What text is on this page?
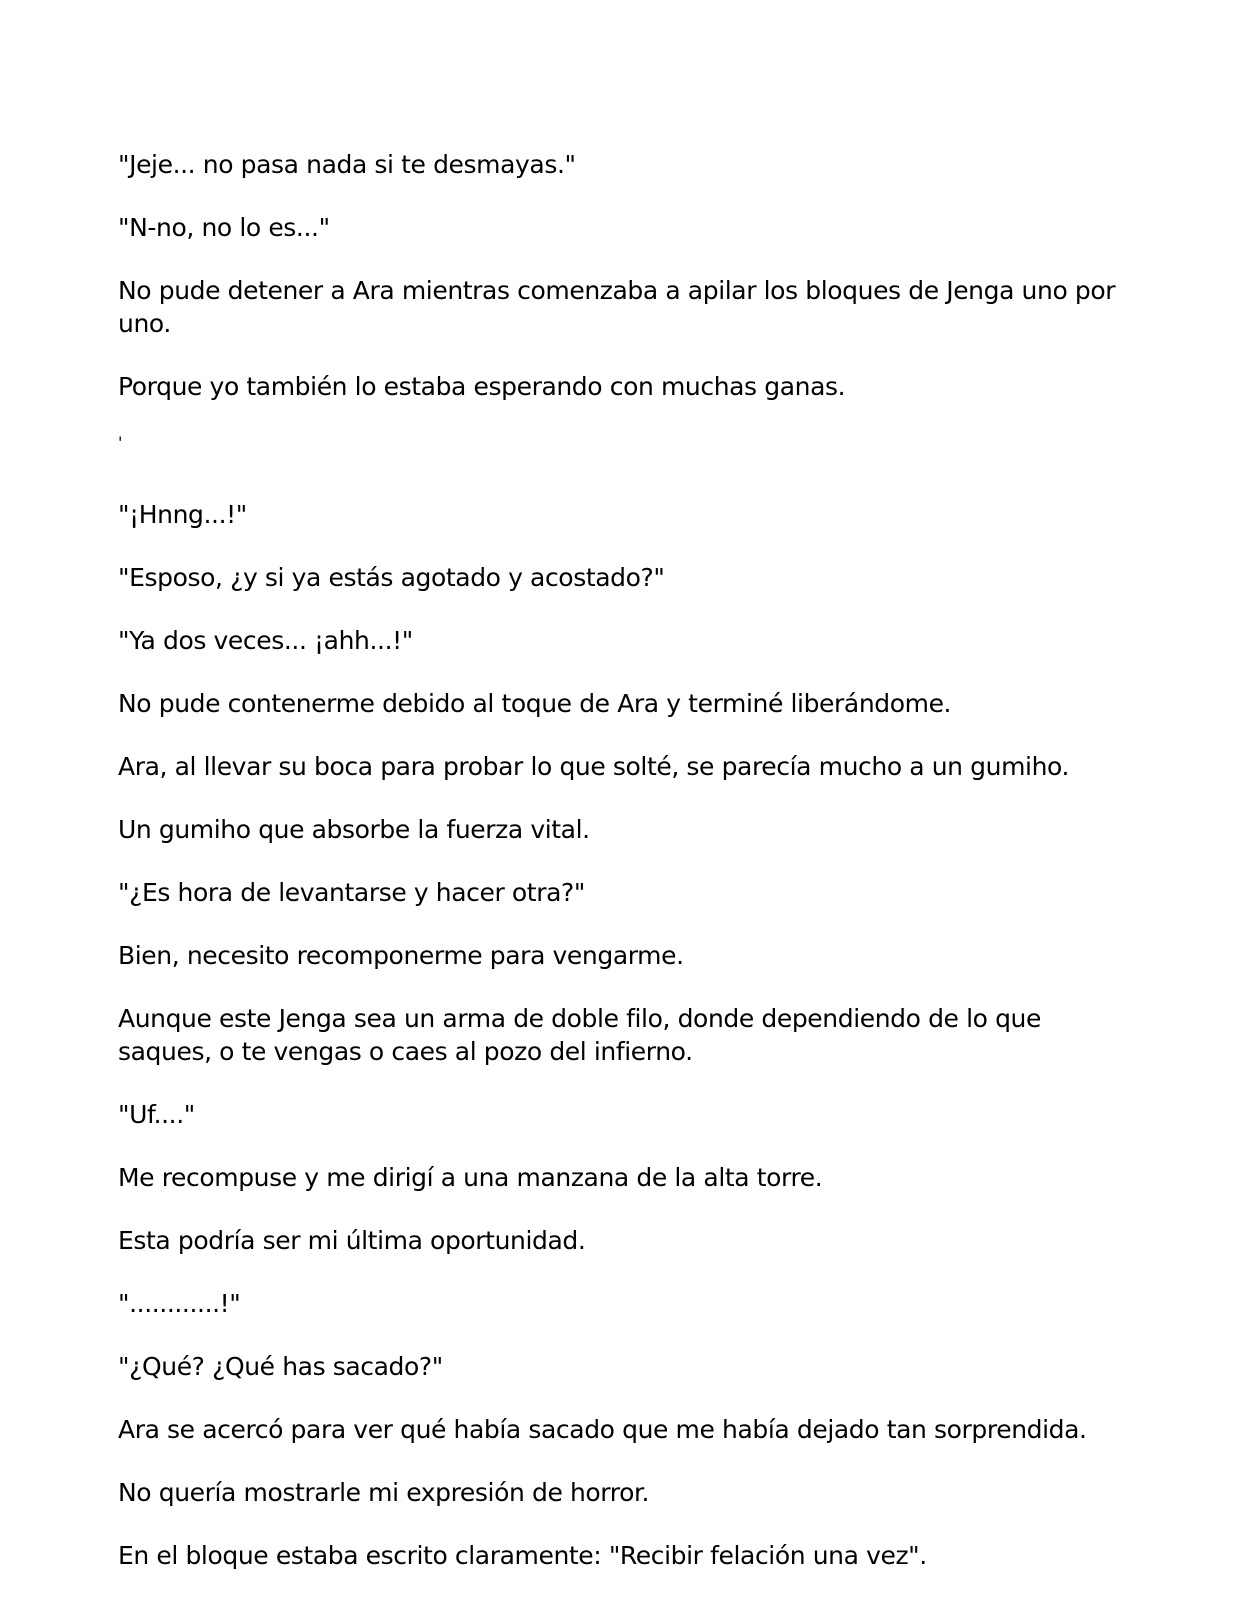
"Jeje... no pasa nada si te desmayas."

"N-no, no lo es..."

No pude detener a Ara mientras comenzaba a apilar los bloques de Jenga uno por uno.

Porque yo también lo estaba esperando con muchas ganas.

'

"¡Hnng...!"

"Esposo, ¿y si ya estás agotado y acostado?"

"Ya dos veces... ¡ahh...!"

No pude contenerme debido al toque de Ara y terminé liberándome.

Ara, al llevar su boca para probar lo que solté, se parecía mucho a un gumiho.

Un gumiho que absorbe la fuerza vital.

"¿Es hora de levantarse y hacer otra?"

Bien, necesito recomponerme para vengarme.

Aunque este Jenga sea un arma de doble filo, donde dependiendo de lo que saques, o te vengas o caes al pozo del infierno.

"Uf...."

Me recompuse y me dirigí a una manzana de la alta torre.

Esta podría ser mi última oportunidad.

"............!"

"¿Qué? ¿Qué has sacado?"

Ara se acercó para ver qué había sacado que me había dejado tan sorprendida.

No quería mostrarle mi expresión de horror.

En el bloque estaba escrito claramente: "Recibir felación una vez".
